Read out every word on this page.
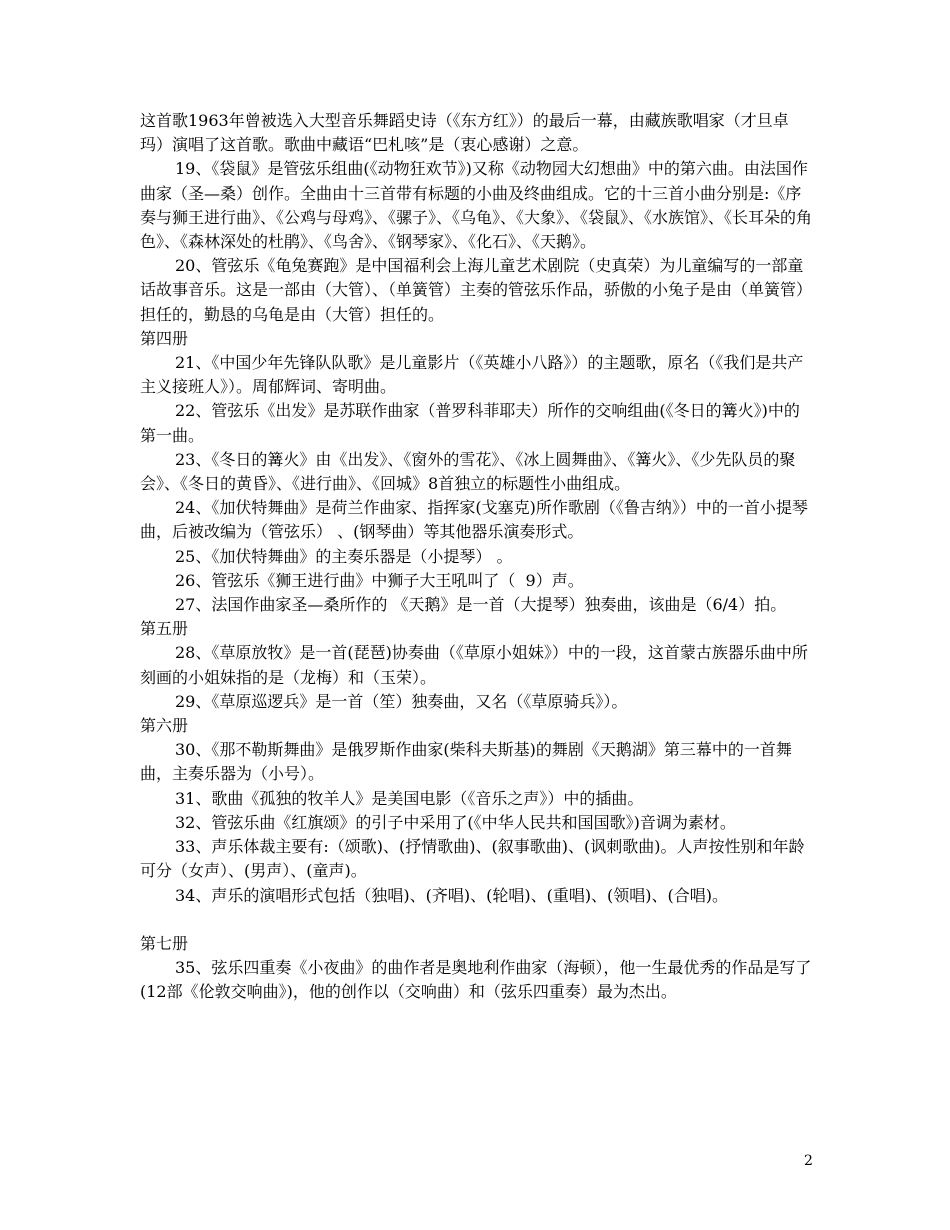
这首歌1963年曾被选入大型音乐舞蹈史诗（《东方红》）的最后一幕，由藏族歌唱家（才旦卓玛）演唱了这首歌。歌曲中藏语“巴札咳”是（衷心感谢）之意。

19、《袋鼠》是管弦乐组曲(《动物狂欢节》)又称《动物园大幻想曲》中的第六曲。由法国作曲家（圣—桑）创作。全曲由十三首带有标题的小曲及终曲组成。它的十三首小曲分别是:《序奏与狮王进行曲》、《公鸡与母鸡》、《骡子》、《乌龟》、《大象》、《袋鼠》、《水族馆》、《长耳朵的角色》、《森林深处的杜鹃》、《鸟舍》、《钢琴家》、《化石》、《天鹅》。

20、管弦乐《龟兔赛跑》是中国福利会上海儿童艺术剧院（史真荣）为儿童编写的一部童话故事音乐。这是一部由（大管）、（单簧管）主奏的管弦乐作品，骄傲的小兔子是由（单簧管）担任的，勤恳的乌龟是由（大管）担任的。

第四册

21、《中国少年先锋队队歌》是儿童影片（《英雄小八路》）的主题歌，原名（《我们是共产主义接班人》）。周郁辉词、寄明曲。

22、管弦乐《出发》是苏联作曲家（普罗科菲耶夫）所作的交响组曲(《冬日的篝火》)中的第一曲。

23、《冬日的篝火》由《出发》、《窗外的雪花》、《冰上圆舞曲》、《篝火》、《少先队员的聚会》、《冬日的黄昏》、《进行曲》、《回城》8首独立的标题性小曲组成。

24、《加伏特舞曲》是荷兰作曲家、指挥家(戈塞克)所作歌剧（《鲁吉纳》）中的一首小提琴曲，后被改编为（管弦乐） 、(钢琴曲）等其他器乐演奏形式。

25、《加伏特舞曲》的主奏乐器是（小提琴） 。

26、管弦乐《狮王进行曲》中狮子大王吼叫了（  9）声。

27、法国作曲家圣—桑所作的 《天鹅》是一首（大提琴）独奏曲，该曲是（6/4）拍。

第五册

28、《草原放牧》是一首(琵琶)协奏曲（《草原小姐妹》）中的一段，这首蒙古族器乐曲中所刻画的小姐妹指的是（龙梅）和（玉荣）。

29、《草原巡逻兵》是一首（笙）独奏曲，又名（《草原骑兵》）。

第六册

30、《那不勒斯舞曲》是俄罗斯作曲家(柴科夫斯基)的舞剧《天鹅湖》第三幕中的一首舞曲，主奏乐器为（小号）。

31、歌曲《孤独的牧羊人》是美国电影（《音乐之声》）中的插曲。

32、管弦乐曲《红旗颂》的引子中采用了(《中华人民共和国国歌》)音调为素材。

33、声乐体裁主要有:（颂歌)、(抒情歌曲)、(叙事歌曲)、(讽刺歌曲)。人声按性别和年龄可分（女声）、(男声）、(童声)。

34、声乐的演唱形式包括（独唱)、(齐唱)、(轮唱)、(重唱)、(领唱)、(合唱)。

第七册

35、弦乐四重奏《小夜曲》的曲作者是奥地利作曲家（海顿），他一生最优秀的作品是写了(12部《伦敦交响曲》)，他的创作以（交响曲）和（弦乐四重奏）最为杰出。

2
